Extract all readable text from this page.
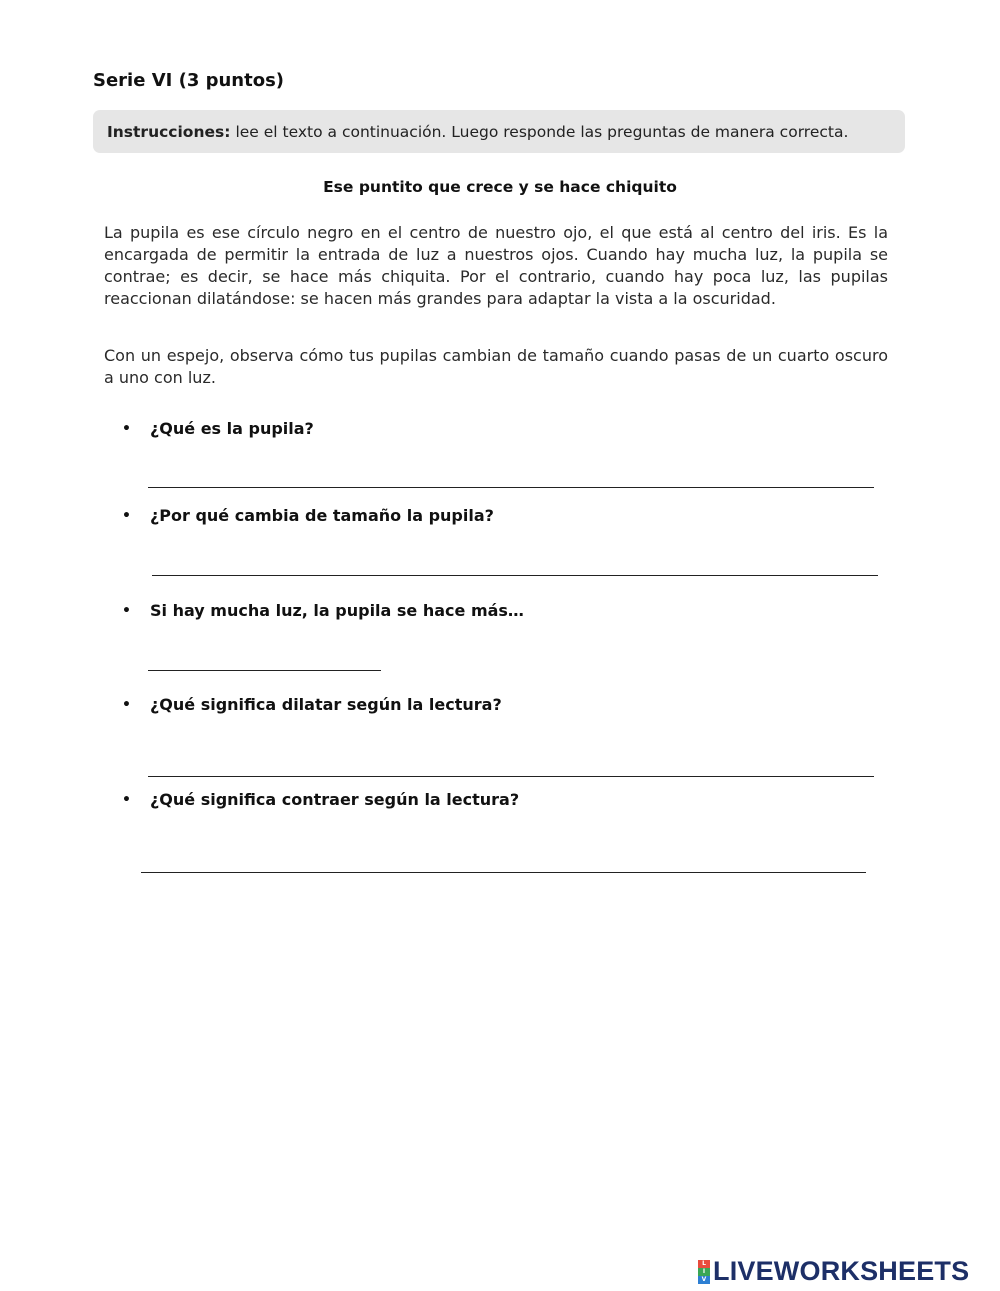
Serie VI (3 puntos)
Instrucciones: lee el texto a continuación. Luego responde las preguntas de manera correcta.
Ese puntito que crece y se hace chiquito

La pupila es ese círculo negro en el centro de nuestro ojo, el que está al centro del iris. Es la encargada de permitir la entrada de luz a nuestros ojos. Cuando hay mucha luz, la pupila se contrae; es decir, se hace más chiquita. Por el contrario, cuando hay poca luz, las pupilas reaccionan dilatándose: se hacen más grandes para adaptar la vista a la oscuridad.

Con un espejo, observa cómo tus pupilas cambian de tamaño cuando pasas de un cuarto oscuro a uno con luz.

•	¿Qué es la pupila?
•	¿Por qué cambia de tamaño la pupila?
•	Si hay mucha luz, la pupila se hace más…
•	¿Qué significa dilatar según la lectura?
•	¿Qué significa contraer según la lectura?
L
I
V LIVEWORKSHEETS
